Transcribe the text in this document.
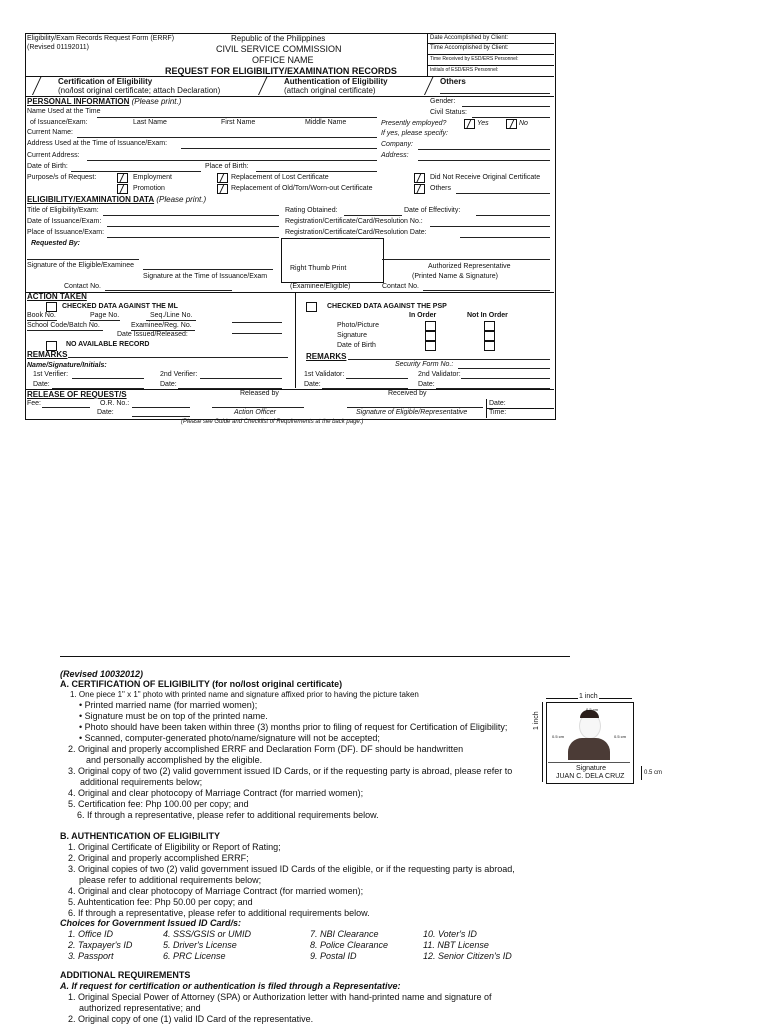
Eligibility/Exam Records Request Form (ERRF)
(Revised 01192011)
Republic of the Philippines
CIVIL SERVICE COMMISSION
OFFICE NAME
REQUEST FOR ELIGIBILITY/EXAMINATION RECORDS
Date Accomplished by Client:
Time Accomplished by Client:
Time Received by ESD/ERS Personnel:
Initials of ESD/ERS Personnel:
Certification of Eligibility
(no/lost original certificate; attach Declaration)
Authentication of Eligibility
(attach original certificate)
Others
PERSONAL INFORMATION (Please print.)
Name Used at the Time
of Issuance/Exam:	Last Name	First Name	Middle Name
Current Name:
Address Used at the Time of Issuance/Exam:
Current Address:
Date of Birth:	Place of Birth:
Gender:
Civil Status:
Presently employed?	Yes	No
If yes, please specify:
Company:
Address:
Purpose/s of Request:	Employment
Promotion
Replacement of Lost Certificate
Replacement of Old/Torn/Worn-out Certificate
Did Not Receive Original Certificate
Others
ELIGIBILITY/EXAMINATION DATA (Please print.)
Title of Eligibility/Exam:
Date of Issuance/Exam:
Place of Issuance/Exam:
Rating Obtained:	Date of Effectivity:
Registration/Certificate/Card/Resolution No.:
Registration/Certificate/Card/Resolution Date:
Requested By:
Signature of the Eligible/Examinee
Signature at the Time of Issuance/Exam
Contact No.
Right Thumb Print
(Examinee/Eligible)
Authorized Representative
(Printed Name & Signature)
Contact No.
ACTION TAKEN
CHECKED DATA AGAINST THE ML
Book No.	Page No.	Seq./Line No.
School Code/Batch No.	Examinee/Reg. No.
Date Issued/Released:
NO AVAILABLE RECORD
REMARKS
Name/Signature/Initials:
1st Verifier:	2nd Verifier:
Date:	Date:
CHECKED DATA AGAINST THE PSP
In Order	Not In Order
Photo/Picture
Signature
Date of Birth
REMARKS
Security Form No.:
1st Validator:	2nd Validator:
Date:	Date:
RELEASE OF REQUEST/S	Released by	Received by
Fee:	O.R. No.:
Date:	Action Officer	Signature of Eligible/Representative
Date:
Time:
(Please see Guide and Checklist of Requirements at the back page.)
(Revised 10032012)
A. CERTIFICATION OF ELIGIBILITY (for no/lost original certificate)
1. One piece 1" x 1" photo with printed name and signature affixed prior to having the picture taken
• Printed married name (for married women);
• Signature must be on top of the printed name.
• Photo should have been taken within three (3) months prior to filing of request for Certification of Eligibility;
• Scanned, computer-generated photo/name/signature will not be accepted;
2. Original and properly accomplished ERRF and Declaration Form (DF). DF should be handwritten
and personally accomplished by the eligible.
3. Original copy of two (2) valid government issued ID Cards, or if the requesting party is abroad, please refer to
additional requirements below;
4. Original and clear photocopy of Marriage Contract (for married women);
5. Certification fee: Php 100.00 per copy; and
6. If through a representative, please refer to additional requirements below.
B. AUTHENTICATION OF ELIGIBILITY
1. Original Certificate of Eligibility or Report of Rating;
2. Original and properly accomplished ERRF;
3. Original copies of two (2) valid government issued ID Cards of the eligible, or if the requesting party is abroad,
please refer to additional requirements below;
4. Original and clear photocopy of Marriage Contract (for married women);
5. Auhtentication fee: Php 50.00 per copy; and
6. If through a representative, please refer to additional requirements below.
Choices for Government Issued ID Card/s:
1. Office ID	4. SSS/GSIS or UMID	7. NBI Clearance	10. Voter's ID
2. Taxpayer's ID	5. Driver's License	8. Police Clearance	11. NBT License
3. Passport	6. PRC License	9. Postal ID	12. Senior Citizen's ID
ADDITIONAL REQUIREMENTS
A. If request for certification or authentication is filed through a Representative:
1. Original Special Power of Attorney (SPA) or Authorization letter with hand-printed name and signature of
authorized representative; and
2. Original copy of one (1) valid ID Card of the representative.
1 inch
0.5 cm
0.5 cm	0.5 cm
Signature
JUAN C. DELA CRUZ
1 inch
0.5 cm
